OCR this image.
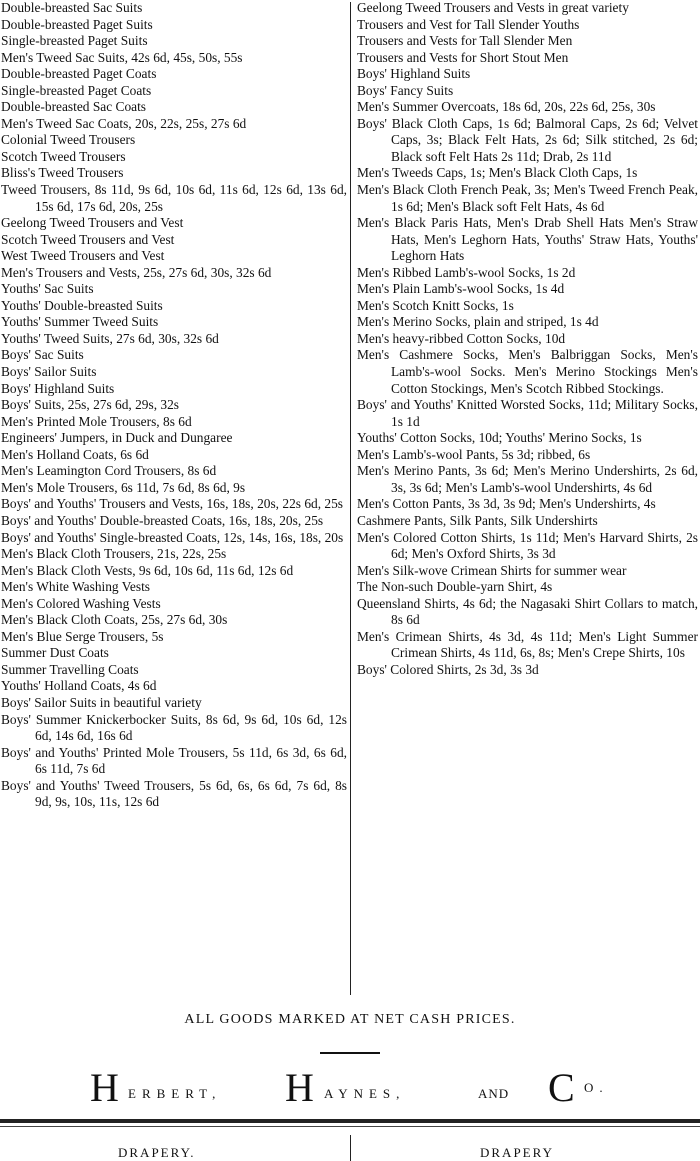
Double-breasted Sac Suits

Double-breasted Paget Suits

Single-breasted Paget Suits

Men's Tweed Sac Suits, 42s 6d, 45s, 50s, 55s

Double-breasted Paget Coats

Single-breasted Paget Coats

Double-breasted Sac Coats

Men's Tweed Sac Coats, 20s, 22s, 25s, 27s 6d

Colonial Tweed Trousers

Scotch Tweed Trousers

Bliss's Tweed Trousers

Tweed Trousers, 8s 11d, 9s 6d, 10s 6d, 11s 6d, 12s 6d, 13s 6d, 15s 6d, 17s 6d, 20s, 25s

Geelong Tweed Trousers and Vest

Scotch Tweed Trousers and Vest

West Tweed Trousers and Vest

Men's Trousers and Vests, 25s, 27s 6d, 30s, 32s 6d

Youths' Sac Suits

Youths' Double-breasted Suits

Youths' Summer Tweed Suits

Youths' Tweed Suits, 27s 6d, 30s, 32s 6d

Boys' Sac Suits

Boys' Sailor Suits

Boys' Highland Suits

Boys' Suits, 25s, 27s 6d, 29s, 32s

Men's Printed Mole Trousers, 8s 6d

Engineers' Jumpers, in Duck and Dungaree

Men's Holland Coats, 6s 6d

Men's Leamington Cord Trousers, 8s 6d

Men's Mole Trousers, 6s 11d, 7s 6d, 8s 6d, 9s

Boys' and Youths' Trousers and Vests, 16s, 18s, 20s, 22s 6d, 25s

Boys' and Youths' Double-breasted Coats, 16s, 18s, 20s, 25s

Boys' and Youths' Single-breasted Coats, 12s, 14s, 16s, 18s, 20s

Men's Black Cloth Trousers, 21s, 22s, 25s

Men's Black Cloth Vests, 9s 6d, 10s 6d, 11s 6d, 12s 6d

Men's White Washing Vests

Men's Colored Washing Vests

Men's Black Cloth Coats, 25s, 27s 6d, 30s

Men's Blue Serge Trousers, 5s

Summer Dust Coats

Summer Travelling Coats

Youths' Holland Coats, 4s 6d

Boys' Sailor Suits in beautiful variety

Boys' Summer Knickerbocker Suits, 8s 6d, 9s 6d, 10s 6d, 12s 6d, 14s 6d, 16s 6d

Boys' and Youths' Printed Mole Trousers, 5s 11d, 6s 3d, 6s 6d, 6s 11d, 7s 6d

Boys' and Youths' Tweed Trousers, 5s 6d, 6s, 6s 6d, 7s 6d, 8s 9d, 9s, 10s, 11s, 12s 6d

Geelong Tweed Trousers and Vests in great variety

Trousers and Vest for Tall Slender Youths

Trousers and Vests for Tall Slender Men

Trousers and Vests for Short Stout Men

Boys' Highland Suits

Boys' Fancy Suits

Men's Summer Overcoats, 18s 6d, 20s, 22s 6d, 25s, 30s

Boys' Black Cloth Caps, 1s 6d; Balmoral Caps, 2s 6d; Velvet Caps, 3s; Black Felt Hats, 2s 6d; Silk stitched, 2s 6d; Black soft Felt Hats 2s 11d; Drab, 2s 11d

Men's Tweeds Caps, 1s; Men's Black Cloth Caps, 1s

Men's Black Cloth French Peak, 3s; Men's Tweed French Peak, 1s 6d; Men's Black soft Felt Hats, 4s 6d

Men's Black Paris Hats, Men's Drab Shell Hats Men's Straw Hats, Men's Leghorn Hats, Youths' Straw Hats, Youths' Leghorn Hats

Men's Ribbed Lamb's-wool Socks, 1s 2d

Men's Plain Lamb's-wool Socks, 1s 4d

Men's Scotch Knitt Socks, 1s

Men's Merino Socks, plain and striped, 1s 4d

Men's heavy-ribbed Cotton Socks, 10d

Men's Cashmere Socks, Men's Balbriggan Socks, Men's Lamb's-wool Socks. Men's Merino Stockings Men's Cotton Stockings, Men's Scotch Ribbed Stockings.

Boys' and Youths' Knitted Worsted Socks, 11d; Military Socks, 1s 1d

Youths' Cotton Socks, 10d; Youths' Merino Socks, 1s

Men's Lamb's-wool Pants, 5s 3d; ribbed, 6s

Men's Merino Pants, 3s 6d; Men's Merino Undershirts, 2s 6d, 3s, 3s 6d; Men's Lamb's-wool Undershirts, 4s 6d

Men's Cotton Pants, 3s 3d, 3s 9d; Men's Undershirts, 4s

Cashmere Pants, Silk Pants, Silk Undershirts

Men's Colored Cotton Shirts, 1s 11d; Men's Harvard Shirts, 2s 6d; Men's Oxford Shirts, 3s 3d

Men's Silk-wove Crimean Shirts for summer wear

The Non-such Double-yarn Shirt, 4s

Queensland Shirts, 4s 6d; the Nagasaki Shirt Collars to match, 8s 6d

Men's Crimean Shirts, 4s 3d, 4s 11d; Men's Light Summer Crimean Shirts, 4s 11d, 6s, 8s; Men's Crepe Shirts, 10s

Boys' Colored Shirts, 2s 3d, 3s 3d

ALL GOODS MARKED AT NET CASH PRICES.
H ERBERT, H AYNES,	AND C O.
DRAPERY.	DRAPERY
